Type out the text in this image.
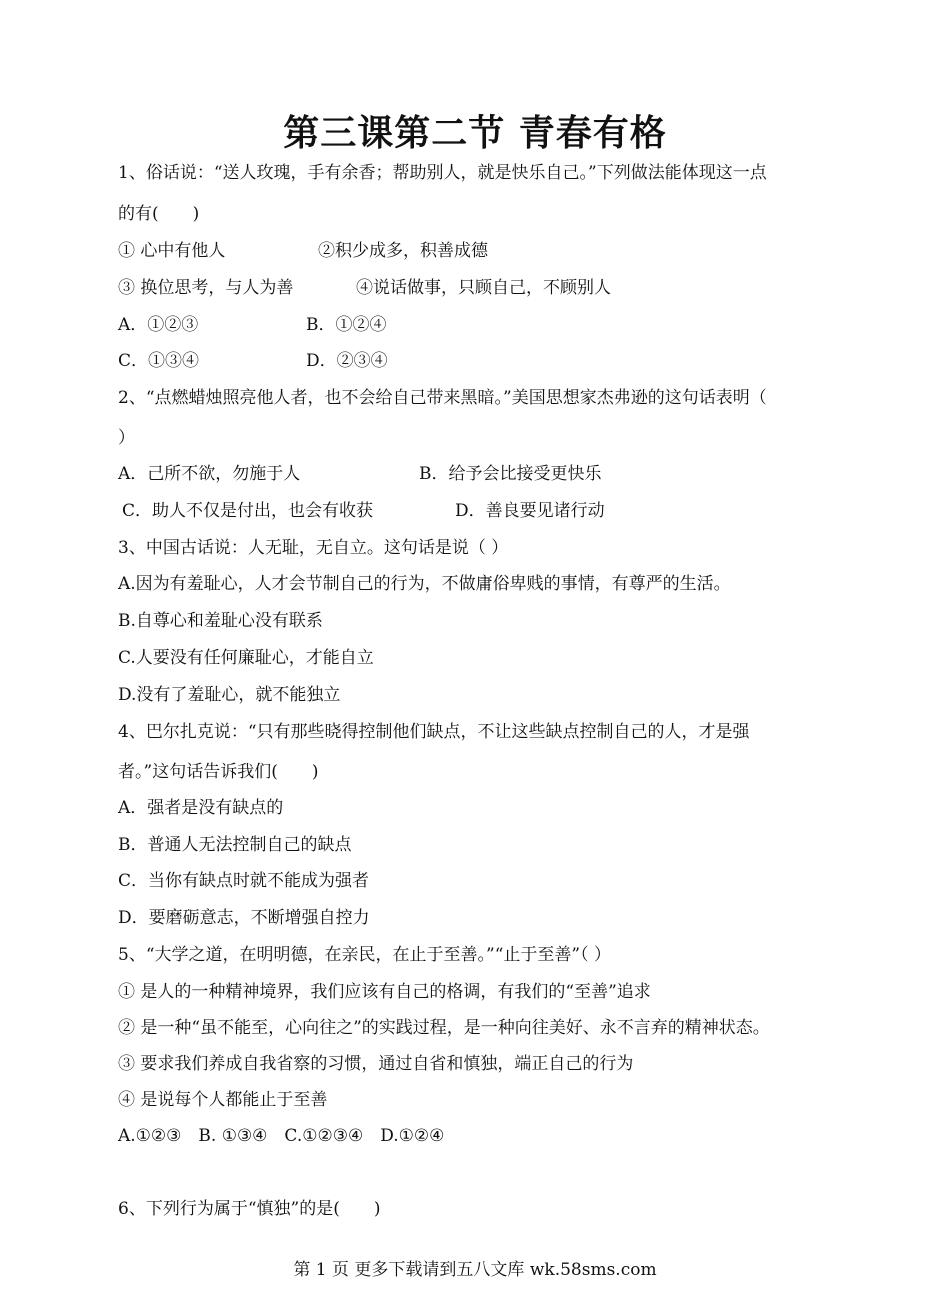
第三课第二节 青春有格
1、俗话说：“送人玫瑰，手有余香；帮助别人，就是快乐自己。”下列做法能体现这一点
的有(　　)
① 心中有他人	②积少成多，积善成德
③ 换位思考，与人为善	④说话做事，只顾自己，不顾别人
A．①②③	B．①②④
C．①③④	D．②③④
2、“点燃蜡烛照亮他人者，也不会给自己带来黑暗。”美国思想家杰弗逊的这句话表明（
）
A．己所不欲，勿施于人	B．给予会比接受更快乐
C．助人不仅是付出，也会有收获	D．善良要见诸行动
3、中国古话说：人无耻，无自立。这句话是说（ ）
A.因为有羞耻心，人才会节制自己的行为，不做庸俗卑贱的事情，有尊严的生活。
B.自尊心和羞耻心没有联系
C.人要没有任何廉耻心，才能自立
D.没有了羞耻心，就不能独立
4、巴尔扎克说：“只有那些晓得控制他们缺点，不让这些缺点控制自己的人，才是强
者。”这句话告诉我们(　　)
A．强者是没有缺点的
B．普通人无法控制自己的缺点
C．当你有缺点时就不能成为强者
D．要磨砺意志，不断增强自控力
5、“大学之道，在明明德，在亲民，在止于至善。”“止于至善”（ ）
① 是人的一种精神境界，我们应该有自己的格调，有我们的“至善”追求
② 是一种“虽不能至，心向往之”的实践过程，是一种向往美好、永不言弃的精神状态。
③ 要求我们养成自我省察的习惯，通过自省和慎独，端正自己的行为
④ 是说每个人都能止于至善
A.①②③　B. ①③④　C.①②③④　D.①②④
6、下列行为属于“慎独”的是(　　)
第 1 页 更多下载请到五八文库 wk.58sms.com
